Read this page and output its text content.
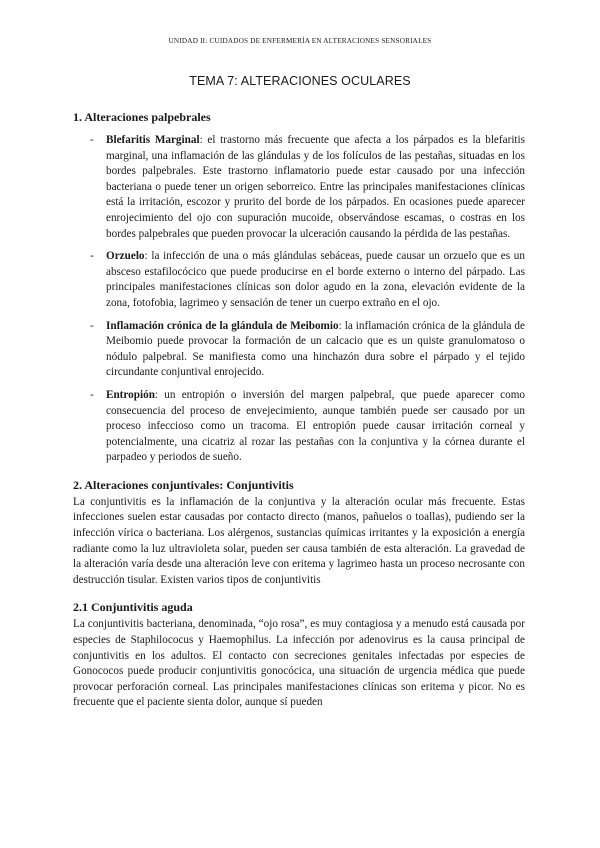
UNIDAD II: CUIDADOS DE ENFERMERÍA EN ALTERACIONES SENSORIALES
TEMA 7: ALTERACIONES OCULARES
1. Alteraciones palpebrales
- Blefaritis Marginal: el trastorno más frecuente que afecta a los párpados es la blefaritis marginal, una inflamación de las glándulas y de los folículos de las pestañas, situadas en los bordes palpebrales. Este trastorno inflamatorio puede estar causado por una infección bacteriana o puede tener un origen seborreico. Entre las principales manifestaciones clínicas está la irritación, escozor y prurito del borde de los párpados. En ocasiones puede aparecer enrojecimiento del ojo con supuración mucoide, observándose escamas, o costras en los bordes palpebrales que pueden provocar la ulceración causando la pérdida de las pestañas.
- Orzuelo: la infección de una o más glándulas sebáceas, puede causar un orzuelo que es un absceso estafilocócico que puede producirse en el borde externo o interno del párpado. Las principales manifestaciones clínicas son dolor agudo en la zona, elevación evidente de la zona, fotofobia, lagrimeo y sensación de tener un cuerpo extraño en el ojo.
- Inflamación crónica de la glándula de Meibomio: la inflamación crónica de la glándula de Meibomio puede provocar la formación de un calcacio que es un quiste granulomatoso o nódulo palpebral. Se manifiesta como una hinchazón dura sobre el párpado y el tejido circundante conjuntival enrojecido.
- Entropión: un entropión o inversión del margen palpebral, que puede aparecer como consecuencia del proceso de envejecimiento, aunque también puede ser causado por un proceso infeccioso como un tracoma. El entropión puede causar irritación corneal y potencialmente, una cicatriz al rozar las pestañas con la conjuntiva y la córnea durante el parpadeo y periodos de sueño.
2. Alteraciones conjuntivales: Conjuntivitis

La conjuntivitis es la inflamación de la conjuntiva y la alteración ocular más frecuente. Estas infecciones suelen estar causadas por contacto directo (manos, pañuelos o toallas), pudiendo ser la infección vírica o bacteriana. Los alérgenos, sustancias químicas irritantes y la exposición a energía radiante como la luz ultravioleta solar, pueden ser causa también de esta alteración. La gravedad de la alteración varía desde una alteración leve con eritema y lagrimeo hasta un proceso necrosante con destrucción tisular. Existen varios tipos de conjuntivitis

2.1 Conjuntivitis aguda

La conjuntivitis bacteriana, denominada, “ojo rosa”, es muy contagiosa y a menudo está causada por especies de Staphilococus y Haemophilus. La infección por adenovirus es la causa principal de conjuntivitis en los adultos. El contacto con secreciones genitales infectadas por especies de Gonococos puede producir conjuntivitis gonocócica, una situación de urgencia médica que puede provocar perforación corneal. Las principales manifestaciones clínicas son eritema y picor. No es frecuente que el paciente sienta dolor, aunque sí pueden
